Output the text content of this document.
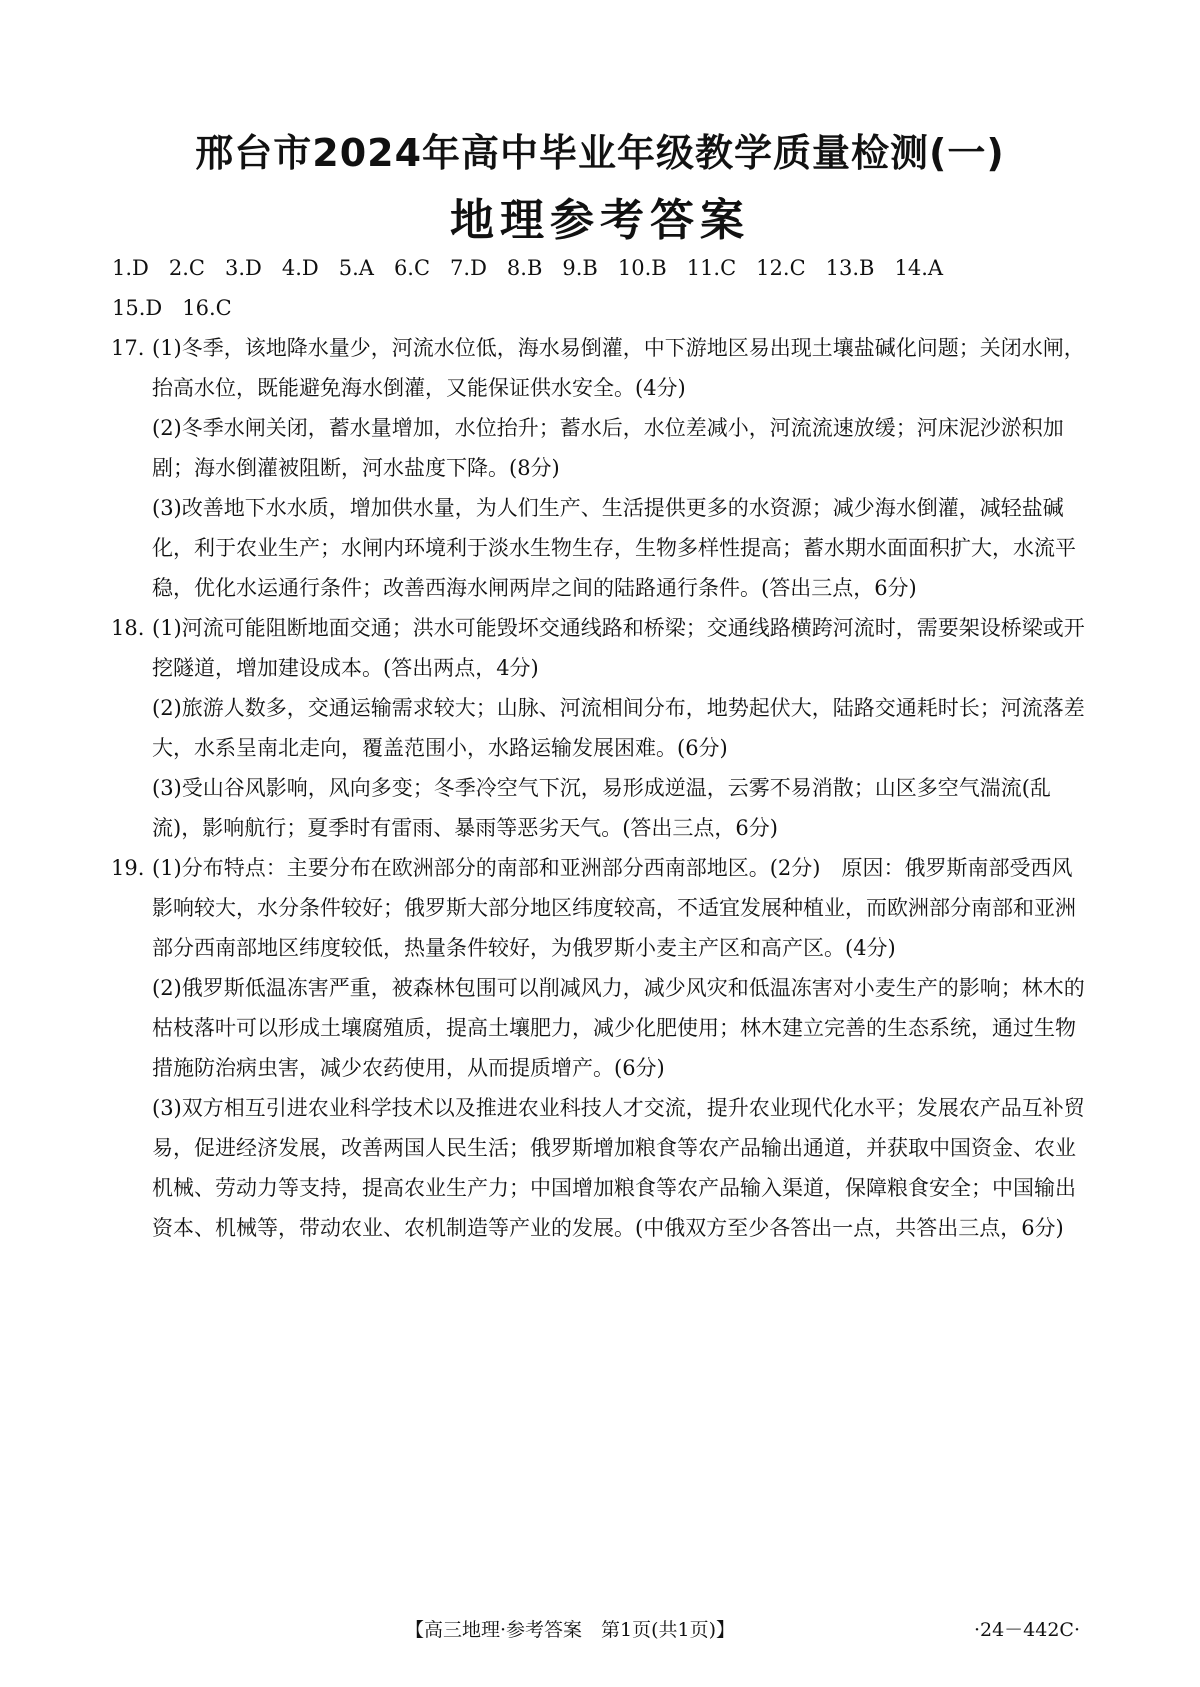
邢台市2024年高中毕业年级教学质量检测(一)
地理参考答案
1.D 2.C 3.D 4.D 5.A 6.C 7.D 8.B 9.B 10.B 11.C 12.C 13.B 14.A
15.D 16.C
17. (1)冬季，该地降水量少，河流水位低，海水易倒灌，中下游地区易出现土壤盐碱化问题；关闭水闸，抬高水位，既能避免海水倒灌，又能保证供水安全。(4分)

(2)冬季水闸关闭，蓄水量增加，水位抬升；蓄水后，水位差减小，河流流速放缓；河床泥沙淤积加剧；海水倒灌被阻断，河水盐度下降。(8分)

(3)改善地下水水质，增加供水量，为人们生产、生活提供更多的水资源；减少海水倒灌，减轻盐碱化，利于农业生产；水闸内环境利于淡水生物生存，生物多样性提高；蓄水期水面面积扩大，水流平稳，优化水运通行条件；改善西海水闸两岸之间的陆路通行条件。(答出三点，6分)

18. (1)河流可能阻断地面交通；洪水可能毁坏交通线路和桥梁；交通线路横跨河流时，需要架设桥梁或开挖隧道，增加建设成本。(答出两点，4分)

(2)旅游人数多，交通运输需求较大；山脉、河流相间分布，地势起伏大，陆路交通耗时长；河流落差大，水系呈南北走向，覆盖范围小，水路运输发展困难。(6分)

(3)受山谷风影响，风向多变；冬季冷空气下沉，易形成逆温，云雾不易消散；山区多空气湍流(乱流)，影响航行；夏季时有雷雨、暴雨等恶劣天气。(答出三点，6分)

19. (1)分布特点：主要分布在欧洲部分的南部和亚洲部分西南部地区。(2分)　原因：俄罗斯南部受西风影响较大，水分条件较好；俄罗斯大部分地区纬度较高，不适宜发展种植业，而欧洲部分南部和亚洲部分西南部地区纬度较低，热量条件较好，为俄罗斯小麦主产区和高产区。(4分)

(2)俄罗斯低温冻害严重，被森林包围可以削减风力，减少风灾和低温冻害对小麦生产的影响；林木的枯枝落叶可以形成土壤腐殖质，提高土壤肥力，减少化肥使用；林木建立完善的生态系统，通过生物措施防治病虫害，减少农药使用，从而提质增产。(6分)

(3)双方相互引进农业科学技术以及推进农业科技人才交流，提升农业现代化水平；发展农产品互补贸易，促进经济发展，改善两国人民生活；俄罗斯增加粮食等农产品输出通道，并获取中国资金、农业机械、劳动力等支持，提高农业生产力；中国增加粮食等农产品输入渠道，保障粮食安全；中国输出资本、机械等，带动农业、农机制造等产业的发展。(中俄双方至少各答出一点，共答出三点，6分)

【高三地理·参考答案　第1页(共1页)】	·24－442C·
